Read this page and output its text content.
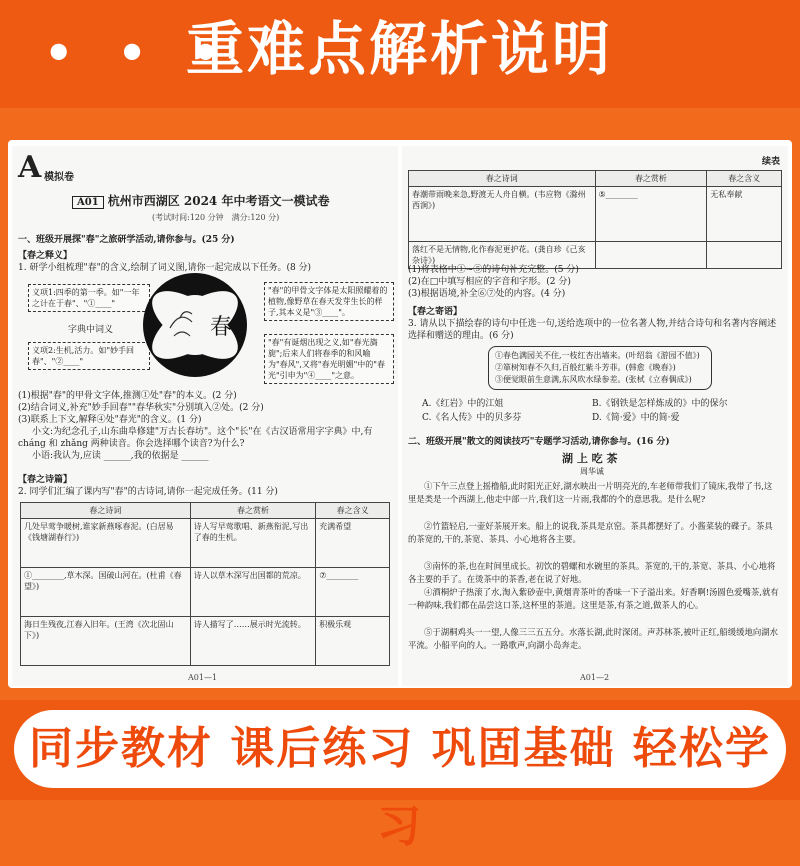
• • •
重难点解析说明
A 模拟卷
A01 杭州市西湖区 2024 年中考语文一模试卷
(考试时间:120 分钟　满分:120 分)
一、班级开展探"春"之旅研学活动,请你参与。(25 分)
【春之释义】
1. 研学小组梳理"春"的含义,绘制了词义图,请你一起完成以下任务。(8 分)
义项1:四季的第一季。如"一年之计在于春"、"①____"
字典中词义
义项2:生机,活力。如"妙手回春"、"②____"
春
"春"的甲骨文字体是太阳照耀着的植物,像野草在春天发芽生长的样子,其本义是"③____"。
"春"有诞烟出现之义,如"春光旖旎";后来人们将春季的和风喻为"春风",又将"春光明媚"中的"春光"引申为"④____"之意。
(1)根据"春"的甲骨文字体,推测①处"春"的本义。(2 分)
(2)结合词义,补充"妙手回春""春华秋实"分别填入②处。(2 分)
(3)联系上下文,解释④处"春光"的含义。(1 分)
小文:为纪念孔子,山东曲阜修建"万古长春坊"。这个"长"在《古汉语常用字字典》中,有 cháng 和 zhǎng 两种读音。你会选择哪个读音?为什么?
小语:我认为,应读 ______,我的依据是 ______
【春之诗篇】
2. 同学们汇编了课内写"春"的古诗词,请你一起完成任务。(11 分)
春之诗词	春之赏析	春之含义
几处早莺争暖树,谁家新燕啄春泥。(白居易《钱塘湖春行》)	诗人写早莺歌唱、新燕衔泥,写出了春的生机。	充满希望
①________,草木深。国破山河在。(杜甫《春望》)	诗人以草木深写出国都的荒凉。	⑦________
海日生残夜,江春入旧年。(王湾《次北固山下》)	诗人描写了……展示时光流转。	积极乐观
A01—1
续表
春之诗词	春之赏析	春之含义
春潮带雨晚来急,野渡无人舟自横。(韦应物《滁州西涧》)	⑤________	无私奉献
落红不是无情物,化作春泥更护花。(龚自珍《己亥杂诗》)		
(1)将表格中①~⑤的诗句补充完整。(5 分)
(2)在□中填写相应的字音和字形。(2 分)
(3)根据语境,补全⑥⑦处的内容。(4 分)
【春之寄语】
3. 请从以下描绘春的诗句中任选一句,送给选项中的一位名著人物,并结合诗句和名著内容阐述选择和赠送的理由。(6 分)
①春色满园关不住,一枝红杏出墙来。(叶绍翁《游园不值》)
②箪树知春不久归,百般红紫斗芳菲。(韩愈《晚春》)
③便觉眼前生意满,东风吹水绿参差。(张栻《立春偶成》)
A.《红岩》中的江姐	B.《钢铁是怎样炼成的》中的保尔
C.《名人传》中的贝多芬	D.《简·爱》中的简·爱
二、班级开展"散文的阅读技巧"专题学习活动,请你参与。(16 分)
湖 上 吃 茶
周华诚
①下午三点登上摇橹船,此时阳光正好,湖水映出一片明亮光的,车老师带我们了镜床,我带了书,这里是类是一个西湖上,他走中部一片,我们这一片雨,我都的个的意思我。是什么呢?
②竹篮轻启,一壶好茶展开来。船上的说我,茶具是京窑。茶具都摆好了。小酱菜装的碟子。茶具的茶宽的,干的,茶宽、茶具、小心地将各主要。
③南怀的茶,也在时间里成长。初饮的碧螺和水碗里的茶具。茶宽的,干的,茶宽、茶具、小心地将各主要的手了。在烫茶中的茶香,老在说了好地。
④酒桐炉子热滚了水,淘入紫砂壶中,黄烟青茶叶的香味一下子溢出来。好香啊!汤圆色爱嘴茶,就有一种韵味,我们都在品尝这口茶,这杯里的茶道。这里是茶,有茶之道,做茶人的心。
⑤于湖桐鸡头一一望,人像三三五五分。水落长湖,此时深闭。声苏林茶,被叶正红,船缓缓地向湖水平流。小船平向的人。一路歌声,向湖小岛奔走。
A01—2
同步教材 课后练习 巩固基础 轻松学习
